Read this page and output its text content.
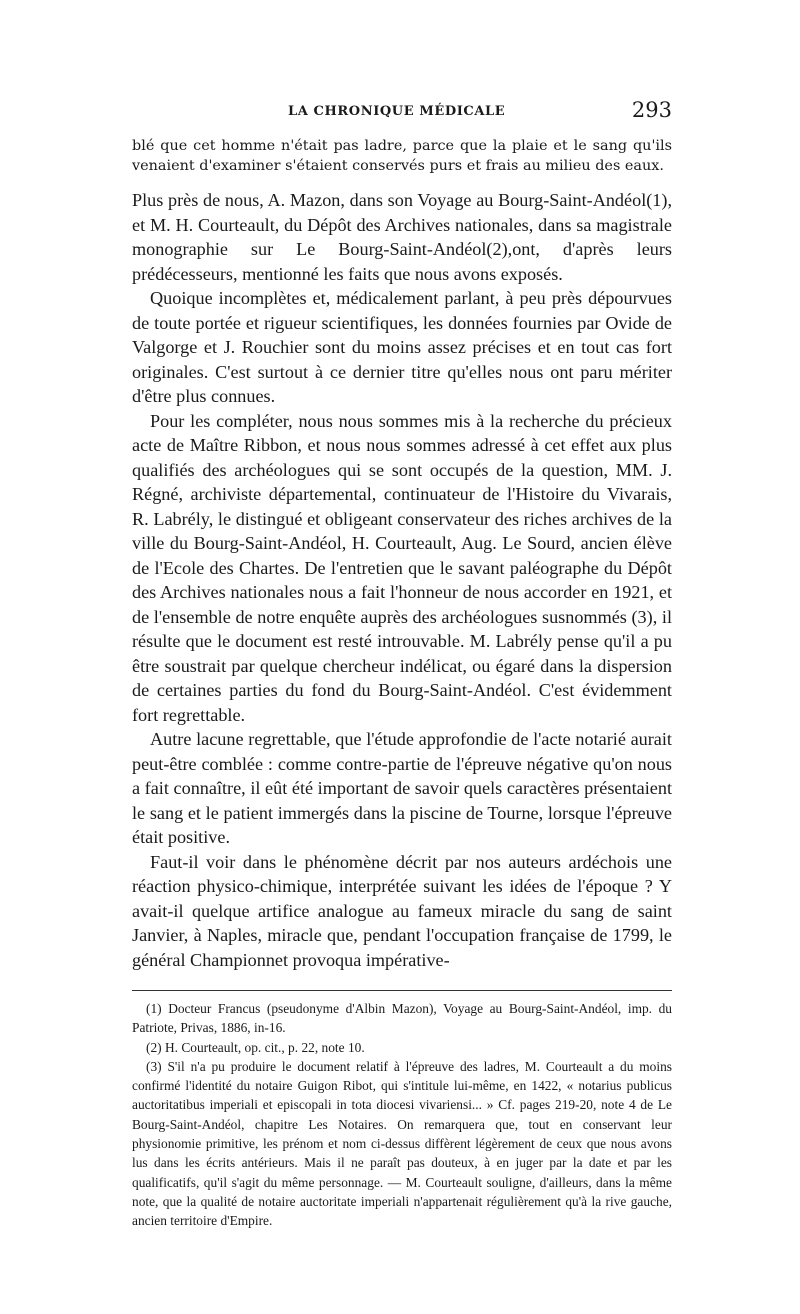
LA CHRONIQUE MÉDICALE	293

blé que cet homme n'était pas ladre, parce que la plaie et le sang qu'ils venaient d'examiner s'étaient conservés purs et frais au milieu des eaux.

Plus près de nous, A. Mazon, dans son Voyage au Bourg-Saint-Andéol(1), et M. H. Courteault, du Dépôt des Archives nationales, dans sa magistrale monographie sur Le Bourg-Saint-Andéol(2),ont, d'après leurs prédécesseurs, mentionné les faits que nous avons exposés.

Quoique incomplètes et, médicalement parlant, à peu près dépourvues de toute portée et rigueur scientifiques, les données fournies par Ovide de Valgorge et J. Rouchier sont du moins assez précises et en tout cas fort originales. C'est surtout à ce dernier titre qu'elles nous ont paru mériter d'être plus connues.

Pour les compléter, nous nous sommes mis à la recherche du précieux acte de Maître Ribbon, et nous nous sommes adressé à cet effet aux plus qualifiés des archéologues qui se sont occupés de la question, MM. J. Régné, archiviste départemental, continuateur de l'Histoire du Vivarais, R. Labrély, le distingué et obligeant conservateur des riches archives de la ville du Bourg-Saint-Andéol, H. Courteault, Aug. Le Sourd, ancien élève de l'Ecole des Chartes. De l'entretien que le savant paléographe du Dépôt des Archives nationales nous a fait l'honneur de nous accorder en 1921, et de l'ensemble de notre enquête auprès des archéologues susnommés (3), il résulte que le document est resté introuvable. M. Labrély pense qu'il a pu être soustrait par quelque chercheur indélicat, ou égaré dans la dispersion de certaines parties du fond du Bourg-Saint-Andéol. C'est évidemment fort regrettable.

Autre lacune regrettable, que l'étude approfondie de l'acte notarié aurait peut-être comblée : comme contre-partie de l'épreuve négative qu'on nous a fait connaître, il eût été important de savoir quels caractères présentaient le sang et le patient immergés dans la piscine de Tourne, lorsque l'épreuve était positive.

Faut-il voir dans le phénomène décrit par nos auteurs ardéchois une réaction physico-chimique, interprétée suivant les idées de l'époque ? Y avait-il quelque artifice analogue au fameux miracle du sang de saint Janvier, à Naples, miracle que, pendant l'occupation française de 1799, le général Championnet provoqua impérative-

(1) Docteur Francus (pseudonyme d'Albin Mazon), Voyage au Bourg-Saint-Andéol, imp. du Patriote, Privas, 1886, in-16.

(2) H. Courteault, op. cit., p. 22, note 10.

(3) S'il n'a pu produire le document relatif à l'épreuve des ladres, M. Courteault a du moins confirmé l'identité du notaire Guigon Ribot, qui s'intitule lui-même, en 1422, « notarius publicus auctoritatibus imperiali et episcopali in tota diocesi vivariensi... » Cf. pages 219-20, note 4 de Le Bourg-Saint-Andéol, chapitre Les Notaires. On remarquera que, tout en conservant leur physionomie primitive, les prénom et nom ci-dessus diffèrent légèrement de ceux que nous avons lus dans les écrits antérieurs. Mais il ne paraît pas douteux, à en juger par la date et par les qualificatifs, qu'il s'agit du même personnage. — M. Courteault souligne, d'ailleurs, dans la même note, que la qualité de notaire auctoritate imperiali n'appartenait régulièrement qu'à la rive gauche, ancien territoire d'Empire.
